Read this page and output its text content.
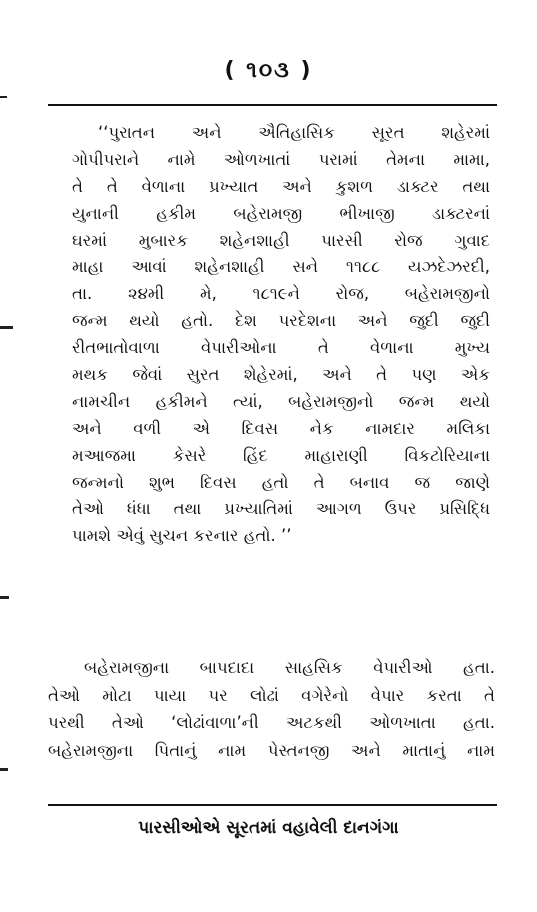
( ૧૦૩ )
‘‘પુરાતન અને ઐતિહાસિક સૂરત શહેરમાં
ગોપીપરાને નામે ઓળખાતાં પરામાં તેમના મામા,
તે તે વેળાના પ્રખ્યાત અને કુશળ ડાક્ટર તથા
યુનાની હકીમ બહેરામજી ભીખાજી ડાક્ટરનાં
ઘરમાં મુબારક શહેનશાહી પારસી રોજ ગુવાદ
માહા આવાં શહેનશાહી સને ૧૧૮૮ યઝદેઝરદી,
તા. ૨૪મી મે, ૧૮૧૯ને રોજ, બહેરામજીનો
જન્મ થયો હતો. દેશ પરદેશના અને જુદી જુદી
રીતભાતોવાળા વેપારીઓના તે વેળાના મુખ્ય
મથક જેવાં સુરત શેહેરમાં, અને તે પણ એક
નામચીન હકીમને ત્યાં, બહેરામજીનો જન્મ થયો
અને વળી એ દિવસ નેક નામદાર મલિકા
મઆજમા કેસરે હિંદ માહારાણી વિકટોરિયાના
જન્મનો શુભ દિવસ હતો તે બનાવ જ જાણે
તેઓ ધંધા તથા પ્રખ્યાતિમાં આગળ ઉપર પ્રસિદ્ધિ
પામશે એવું સુચન કરનાર હતો. ’’
બહેરામજીના બાપદાદા સાહસિક વેપારીઓ હતા.
તેઓ મોટા પાયા પર લોઢાં વગેરેનો વેપાર કરતા તે
પરથી તેઓ ‘લોઢાંવાળા’ની અટકથી ઓળખાતા હતા.
બહેરામજીના પિતાનું નામ પેસ્તનજી અને માતાનું નામ
પારસીઓએ સૂરતમાં વહાવેલી દાનગંગા
